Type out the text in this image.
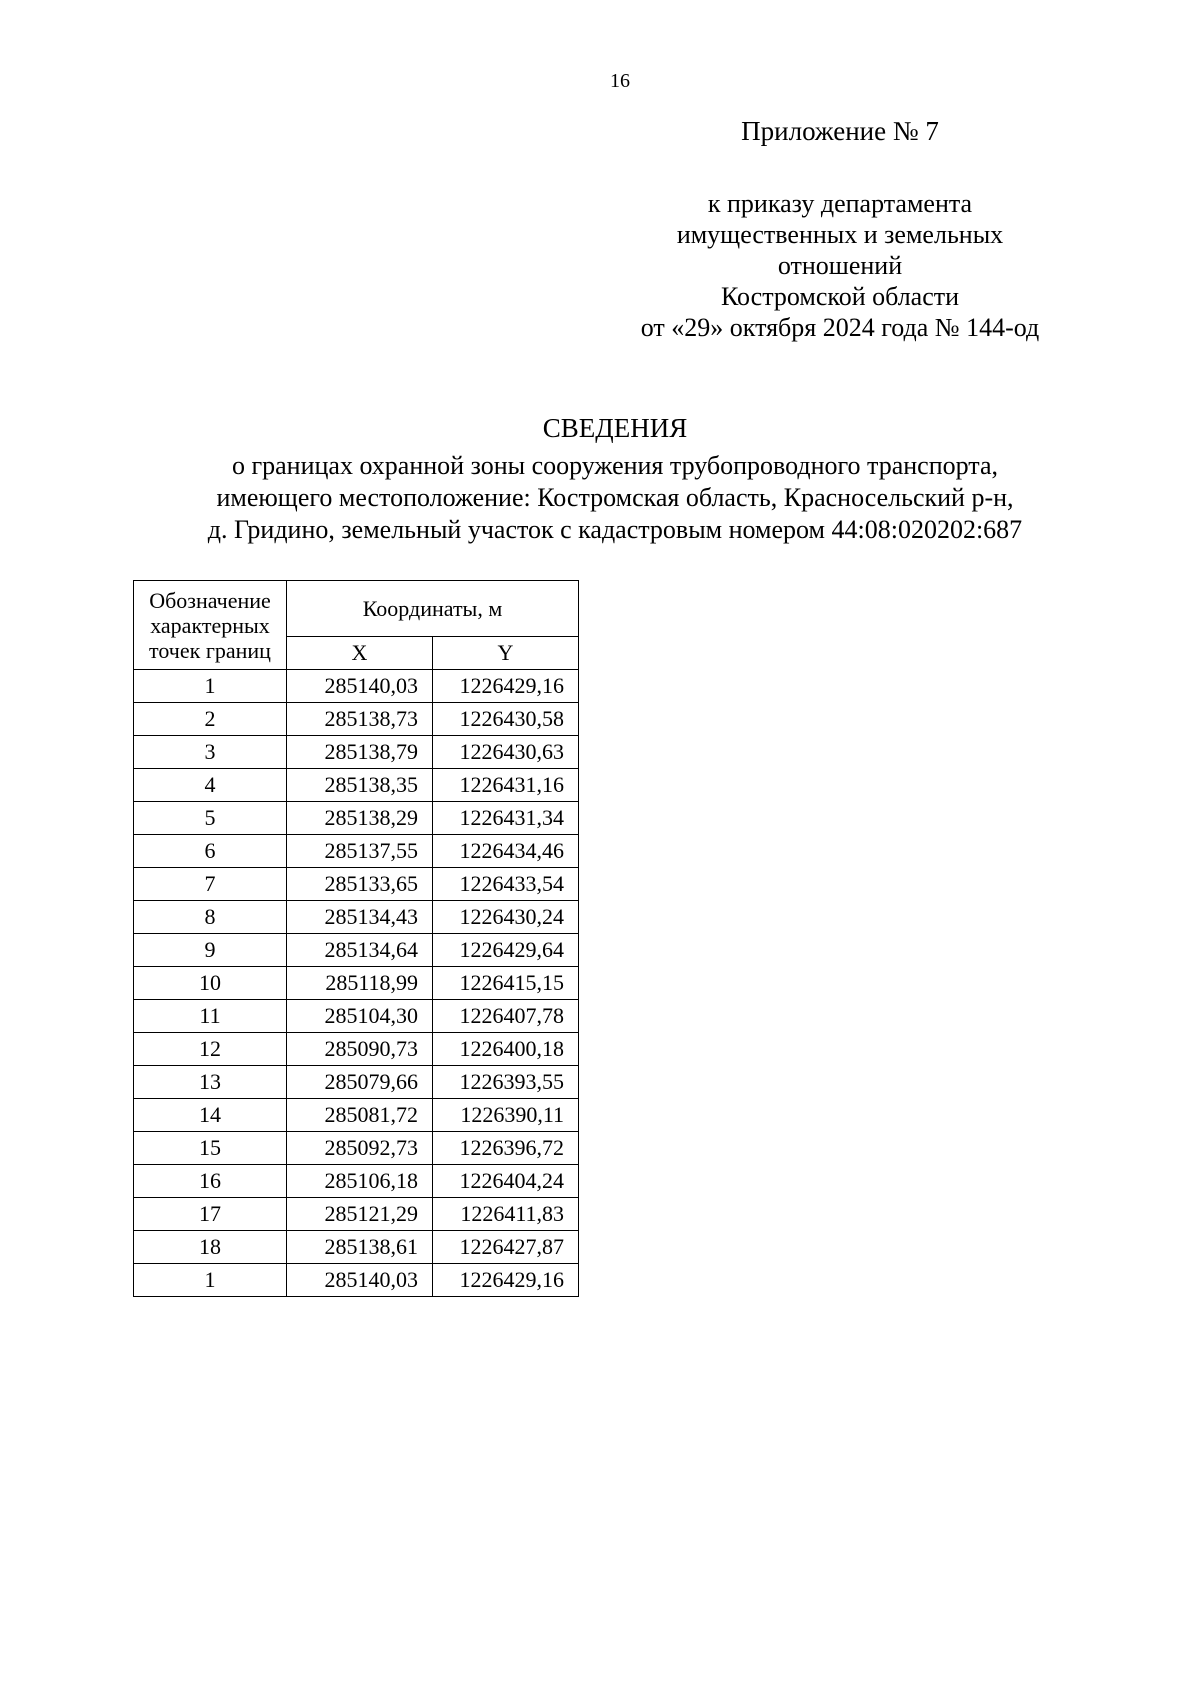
16
Приложение № 7
к приказу департамента
имущественных и земельных
отношений
Костромской области
от «29» октября 2024 года № 144-од
СВЕДЕНИЯ
о границах охранной зоны сооружения трубопроводного транспорта,
имеющего местоположение: Костромская область, Красносельский р-н,
д. Гридино, земельный участок с кадастровым номером 44:08:020202:687
Обозначение характерных точек границ	Координаты, м	
	X	Y
1	285140,03	1226429,16
2	285138,73	1226430,58
3	285138,79	1226430,63
4	285138,35	1226431,16
5	285138,29	1226431,34
6	285137,55	1226434,46
7	285133,65	1226433,54
8	285134,43	1226430,24
9	285134,64	1226429,64
10	285118,99	1226415,15
11	285104,30	1226407,78
12	285090,73	1226400,18
13	285079,66	1226393,55
14	285081,72	1226390,11
15	285092,73	1226396,72
16	285106,18	1226404,24
17	285121,29	1226411,83
18	285138,61	1226427,87
1	285140,03	1226429,16
